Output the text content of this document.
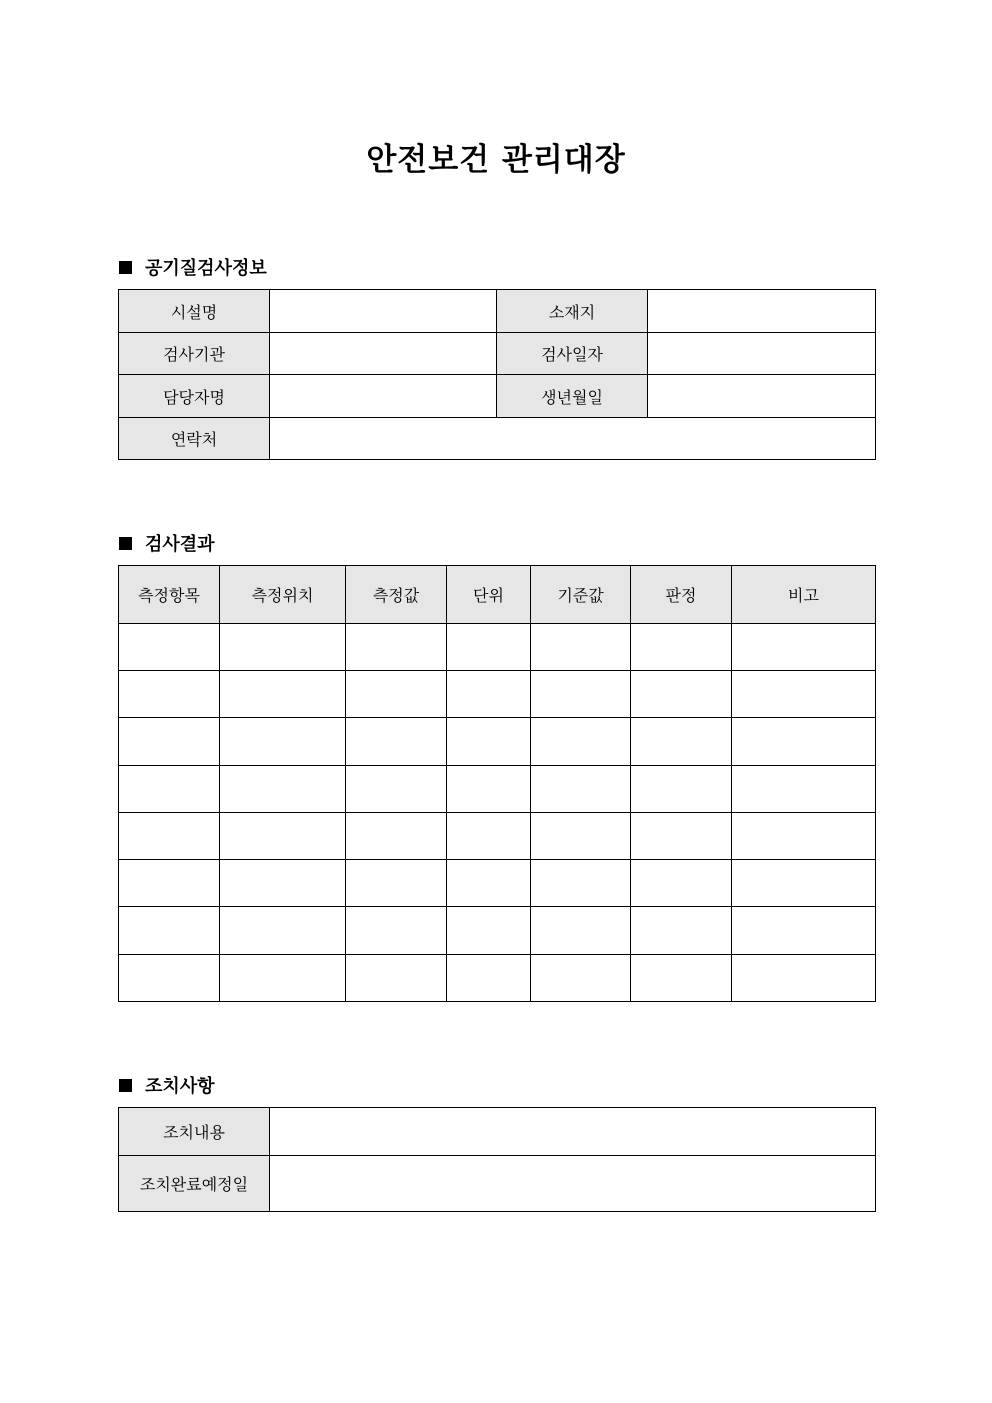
안전보건 관리대장
공기질검사정보
시설명		소재지	
검사기관		검사일자	
담당자명		생년월일	
연락처			
검사결과
측정항목	측정위치	측정값	단위	기준값	판정	비고

조치사항
조치내용	
조치완료예정일	
